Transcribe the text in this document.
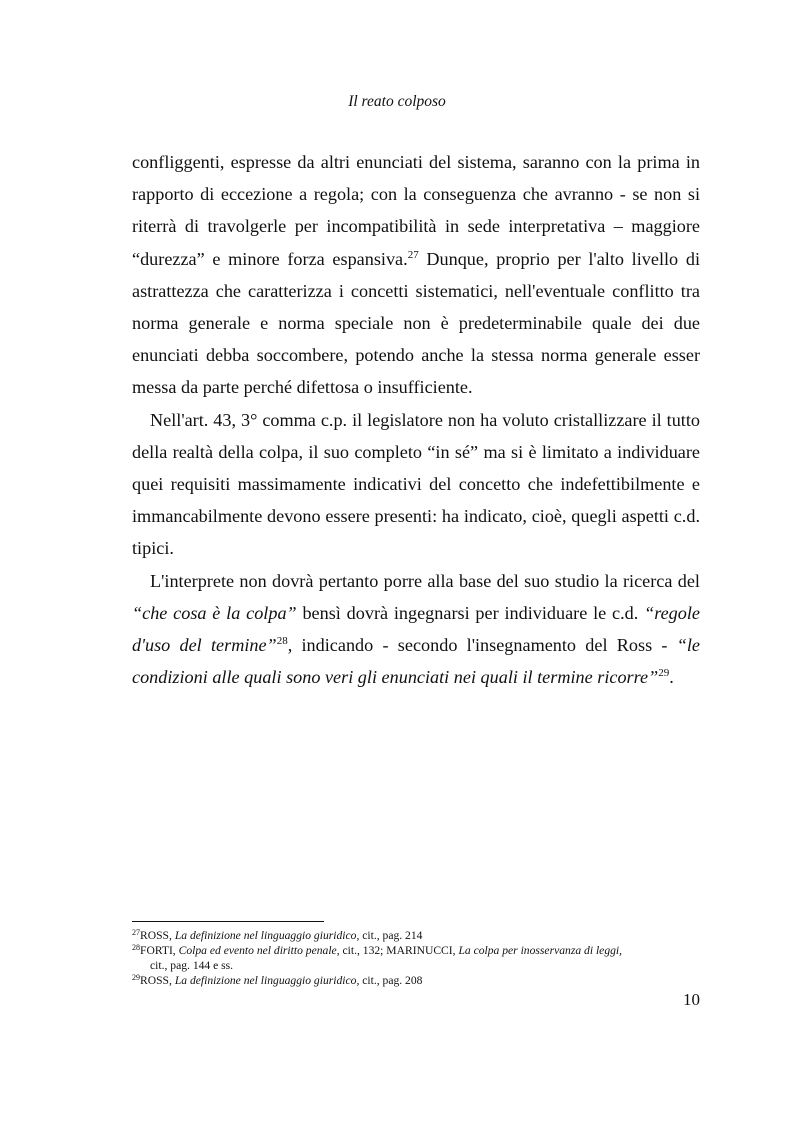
Il reato colposo

confliggenti, espresse da altri enunciati del sistema, saranno con la prima in rapporto di eccezione a regola; con la conseguenza che avranno - se non si riterrà di travolgerle per incompatibilità in sede interpretativa – maggiore “durezza” e minore forza espansiva.$^{27}$ Dunque, proprio per l'alto livello di astrattezza che caratterizza i concetti sistematici, nell'eventuale conflitto tra norma generale e norma speciale non è predeterminabile quale dei due enunciati debba soccombere, potendo anche la stessa norma generale esser messa da parte perché difettosa o insufficiente.

Nell'art. 43, 3° comma c.p. il legislatore non ha voluto cristallizzare il tutto della realtà della colpa, il suo completo “in sé” ma si è limitato a individuare quei requisiti massimamente indicativi del concetto che indefettibilmente e immancabilmente devono essere presenti: ha indicato, cioè, quegli aspetti c.d. tipici.

L'interprete non dovrà pertanto porre alla base del suo studio la ricerca del “che cosa è la colpa” bensì dovrà ingegnarsi per individuare le c.d. “regole d'uso del termine”$^{28}$, indicando - secondo l'insegnamento del Ross - “le condizioni alle quali sono veri gli enunciati nei quali il termine ricorre”$^{29}$.

$^{27}$ROSS, La definizione nel linguaggio giuridico, cit., pag. 214

$^{28}$FORTI, Colpa ed evento nel diritto penale, cit., 132; MARINUCCI, La colpa per inosservanza di leggi,
cit., pag. 144 e ss.

$^{29}$ROSS, La definizione nel linguaggio giuridico, cit., pag. 208

10
